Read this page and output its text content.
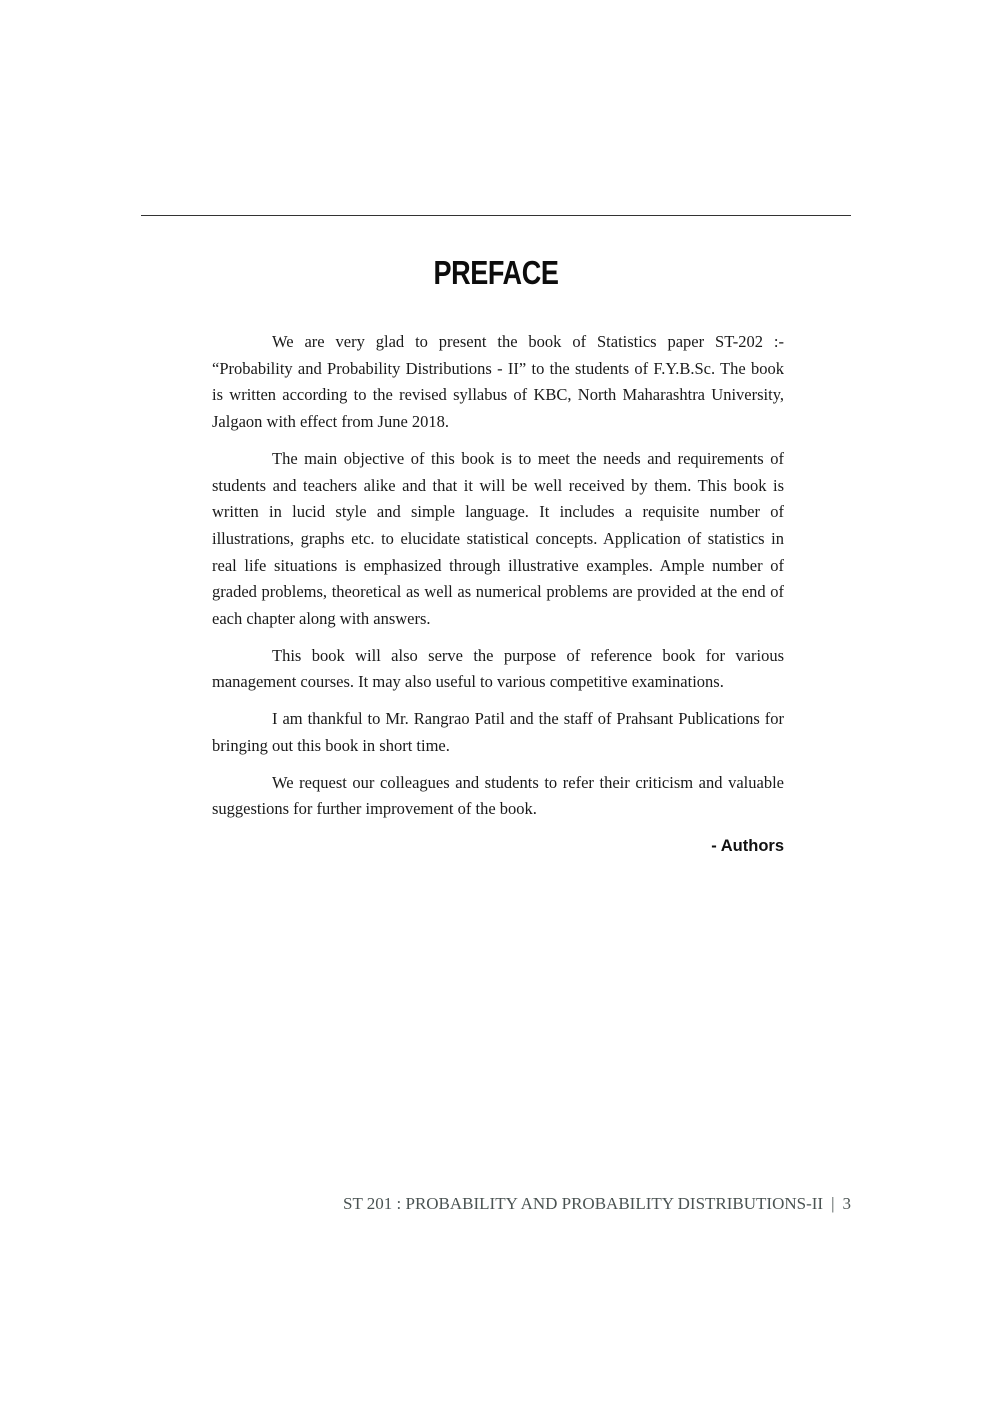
PREFACE

We are very glad to present the book of Statistics paper ST-202 :- “Probability and Probability Distributions - II” to the students of F.Y.B.Sc. The book is written according to the revised syllabus of KBC, North Maharashtra University, Jalgaon with effect from June 2018.

The main objective of this book is to meet the needs and requirements of students and teachers alike and that it will be well received by them. This book is written in lucid style and simple language. It includes a requisite number of illustrations, graphs etc. to elucidate statistical concepts. Application of statistics in real life situations is emphasized through illustrative examples. Ample number of graded problems, theoretical as well as numerical problems are provided at the end of each chapter along with answers.

This book will also serve the purpose of reference book for various management courses. It may also useful to various competitive examinations.

I am thankful to Mr. Rangrao Patil and the staff of Prahsant Publications for bringing out this book in short time.

We request our colleagues and students to refer their criticism and valuable suggestions for further improvement of the book.

- Authors
ST 201 : PROBABILITY AND PROBABILITY DISTRIBUTIONS-II | 3
